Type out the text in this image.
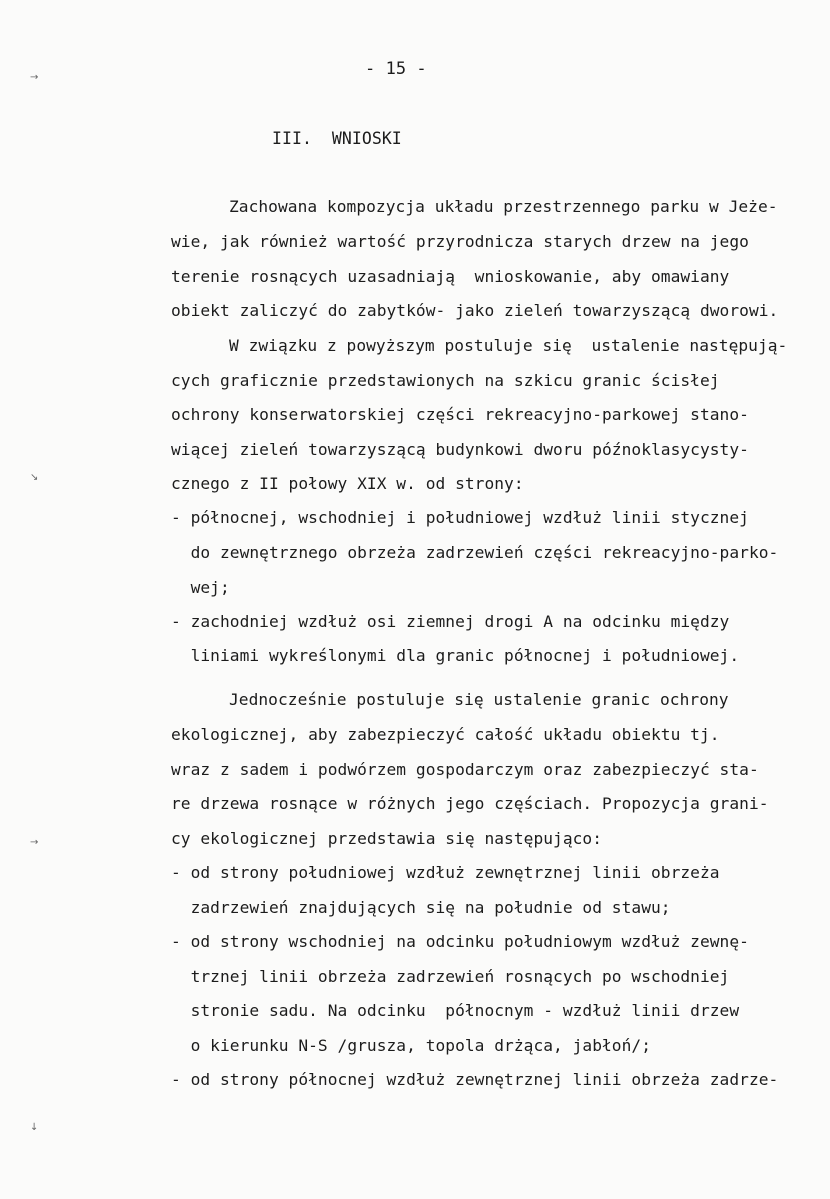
- 15 -
III.  WNIOSKI
Zachowana kompozycja układu przestrzennego parku w Jeże-
wie, jak również wartość przyrodnicza starych drzew na jego
terenie rosnących uzasadniają  wnioskowanie, aby omawiany
obiekt zaliczyć do zabytków- jako zieleń towarzyszącą dworowi.
W związku z powyższym postuluje się  ustalenie następują-
cych graficznie przedstawionych na szkicu granic ścisłej
ochrony konserwatorskiej części rekreacyjno-parkowej stano-
wiącej zieleń towarzyszącą budynkowi dworu późnoklasycysty-
cznego z II połowy XIX w. od strony:
- północnej, wschodniej i południowej wzdłuż linii stycznej
do zewnętrznego obrzeża zadrzewień części rekreacyjno-parko-
wej;
- zachodniej wzdłuż osi ziemnej drogi A na odcinku między
liniami wykreślonymi dla granic północnej i południowej.
Jednocześnie postuluje się ustalenie granic ochrony
ekologicznej, aby zabezpieczyć całość układu obiektu tj.
wraz z sadem i podwórzem gospodarczym oraz zabezpieczyć sta-
re drzewa rosnące w różnych jego częściach. Propozycja grani-
cy ekologicznej przedstawia się następująco:
- od strony południowej wzdłuż zewnętrznej linii obrzeża
zadrzewień znajdujących się na południe od stawu;
- od strony wschodniej na odcinku południowym wzdłuż zewnę-
trznej linii obrzeża zadrzewień rosnących po wschodniej
stronie sadu. Na odcinku  północnym - wzdłuż linii drzew
o kierunku N-S /grusza, topola drżąca, jabłoń/;
- od strony północnej wzdłuż zewnętrznej linii obrzeża zadrze-
→
↘
→
↓
